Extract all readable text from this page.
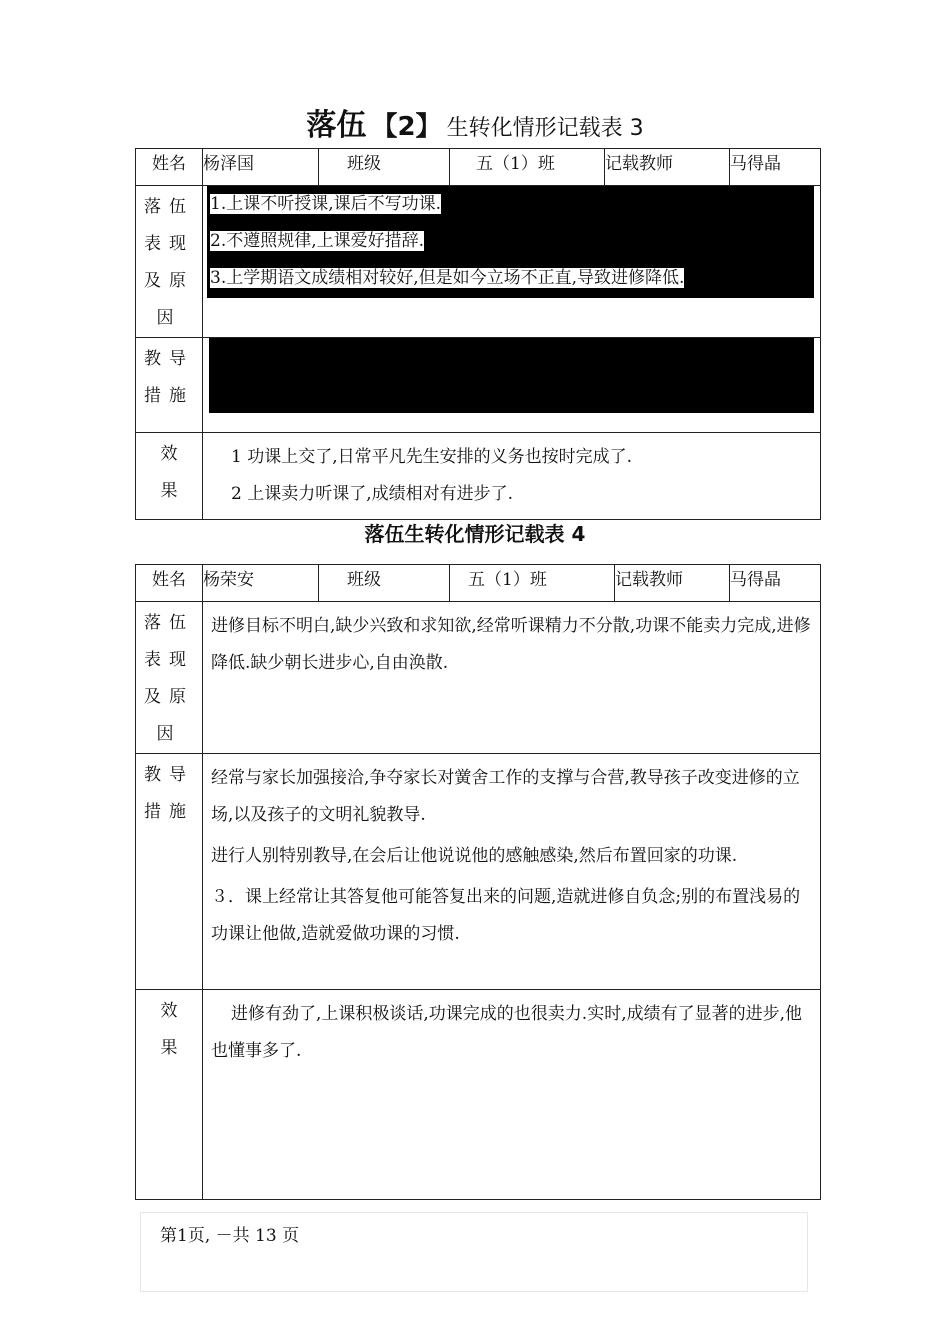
落伍 【2】 生转化情形记载表 3
姓名	杨泽国	班级	五（1）班	记载教师	马得晶
落伍表现及原因	1.上课不听授课,课后不写功课.
2.不遵照规律,上课爱好措辞.
3.上学期语文成绩相对较好,但是如今立场不正直,导致进修降低.				

教导措施					

效果	1 功课上交了,日常平凡先生安排的义务也按时完成了.
2 上课卖力听课了,成绩相对有进步了.				
落伍生转化情形记载表 4
姓名	杨荣安	班级	五（1）班	记载教师	马得晶
落伍表现及原因	进修目标不明白,缺少兴致和求知欲,经常听课精力不分散,功课不能卖力完成,进修降低.缺少朝长进步心,自由涣散.				

教导措施	经常与家长加强接洽,争夺家长对黉舍工作的支撑与合营,教导孩子改变进修的立场,以及孩子的文明礼貌教导.
进行人别特别教导,在会后让他说说他的感触感染,然后布置回家的功课.
３．课上经常让其答复他可能答复出来的问题,造就进修自负念;别的布置浅易的功课让他做,造就爱做功课的习惯.				

效果	进修有劲了,上课积极谈话,功课完成的也很卖力.实时,成绩有了显著的进步,他也懂事多了.				
第1页, －共 13 页
